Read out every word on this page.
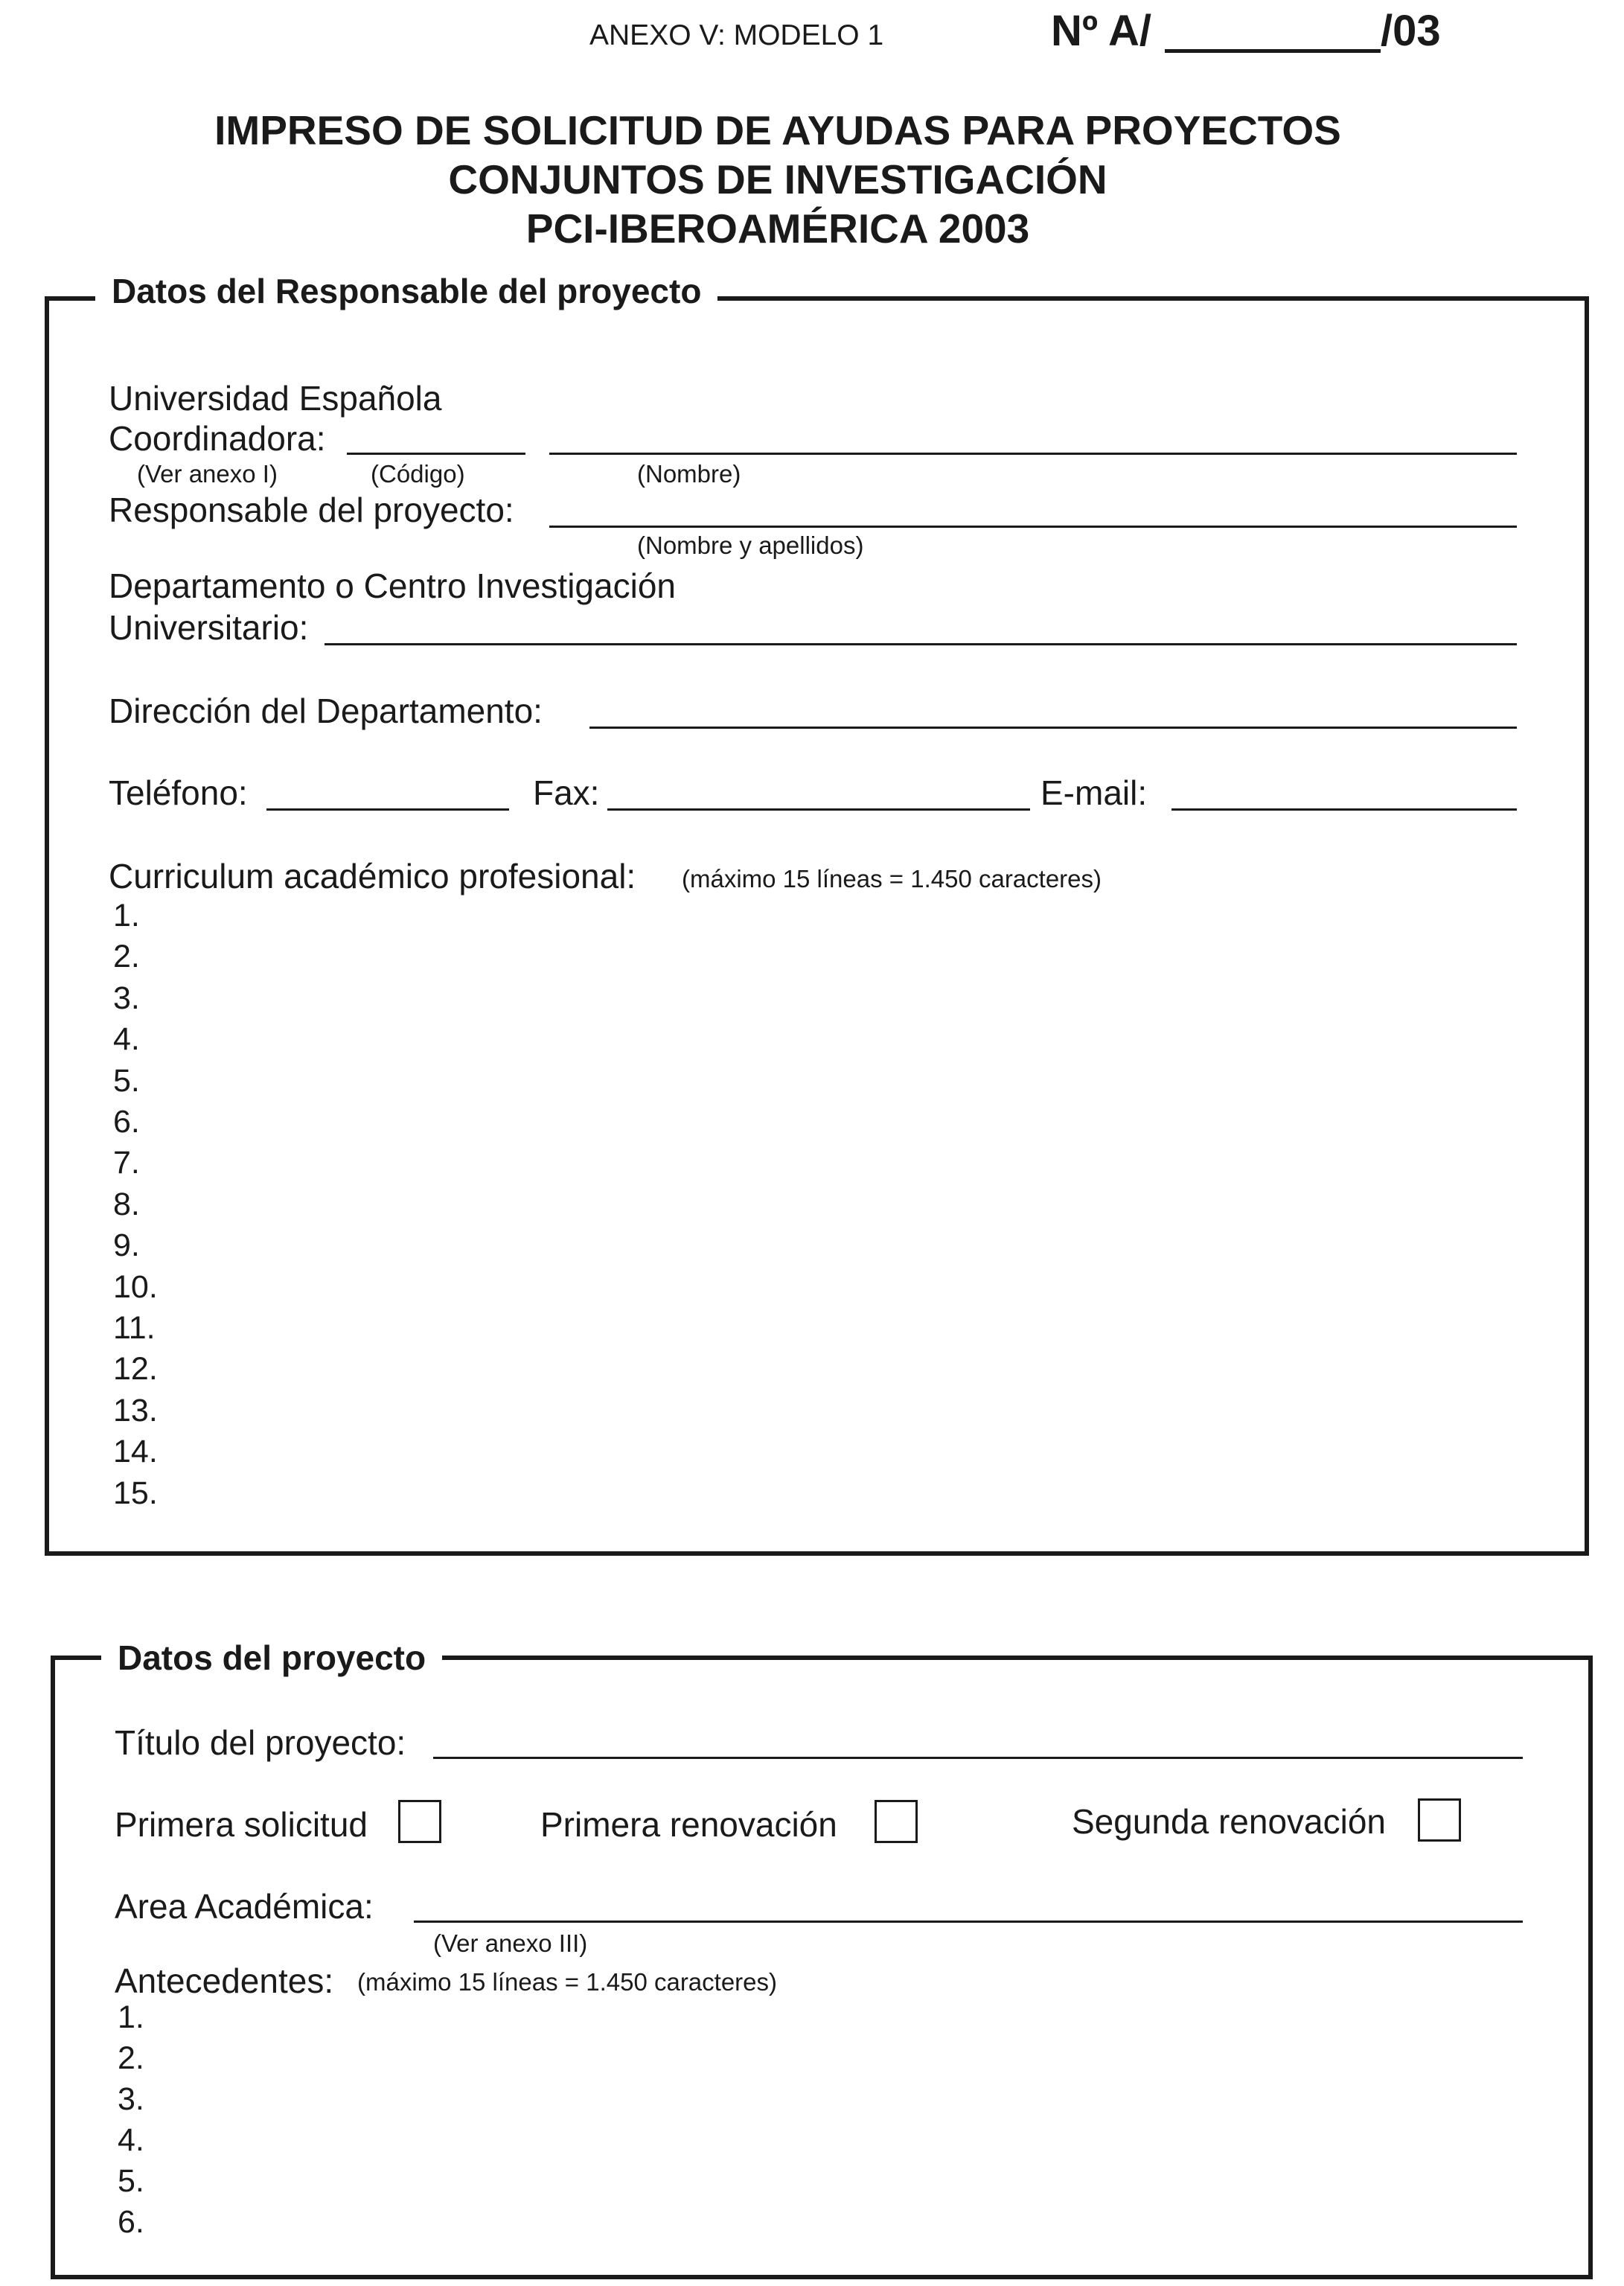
ANEXO V: MODELO 1	Nº A/	/03
IMPRESO DE SOLICITUD DE AYUDAS PARA PROYECTOS
CONJUNTOS DE INVESTIGACIÓN
PCI-IBEROAMÉRICA 2003
Datos del Responsable del proyecto
Universidad Española
Coordinadora:
(Ver anexo I)	(Código)	(Nombre)
Responsable del proyecto:
(Nombre y apellidos)
Departamento o Centro Investigación
Universitario:
Dirección del Departamento:
Teléfono:	Fax:	E-mail:
Curriculum académico profesional: (máximo 15 líneas = 1.450 caracteres)
1.
2.
3.
4.
5.
6.
7.
8.
9.
10.
11.
12.
13.
14.
15.
Datos del proyecto
Título del proyecto:
Primera solicitud	Primera renovación	Segunda renovación
Area Académica:
(Ver anexo III)
Antecedentes: (máximo 15 líneas = 1.450 caracteres)
1.
2.
3.
4.
5.
6.
